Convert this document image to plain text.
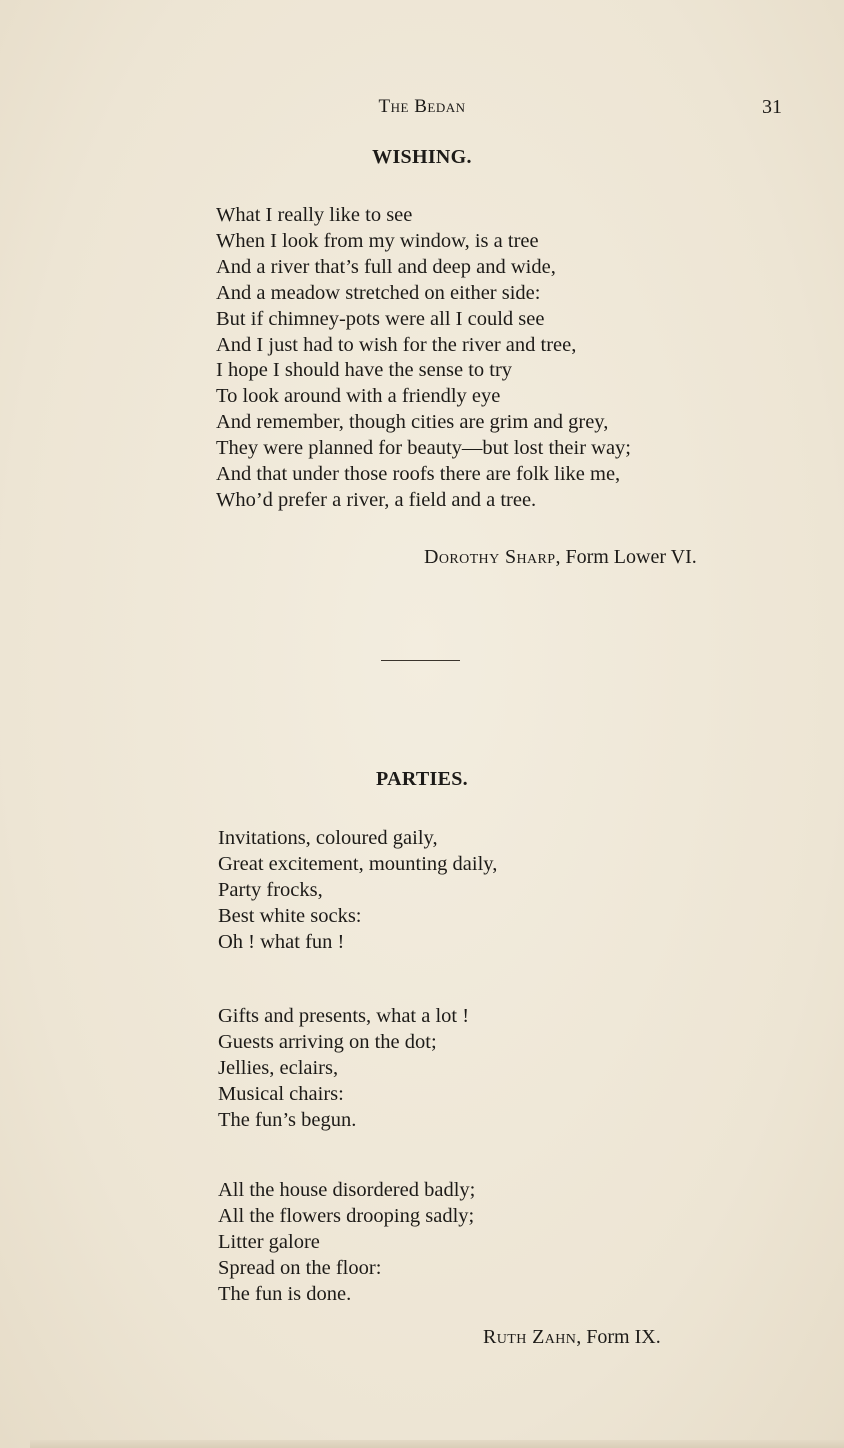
The Bedan	31
WISHING.
What I really like to see
When I look from my window, is a tree
And a river that’s full and deep and wide,
And a meadow stretched on either side:
But if chimney-pots were all I could see
And I just had to wish for the river and tree,
I hope I should have the sense to try
To look around with a friendly eye
And remember, though cities are grim and grey,
They were planned for beauty—but lost their way;
And that under those roofs there are folk like me,
Who’d prefer a river, a field and a tree.
Dorothy Sharp, Form Lower VI.
PARTIES.
Invitations, coloured gaily,
Great excitement, mounting daily,
Party frocks,
Best white socks:
Oh ! what fun !
Gifts and presents, what a lot !
Guests arriving on the dot;
Jellies, eclairs,
Musical chairs:
The fun’s begun.
All the house disordered badly;
All the flowers drooping sadly;
Litter galore
Spread on the floor:
The fun is done.
Ruth Zahn, Form IX.
